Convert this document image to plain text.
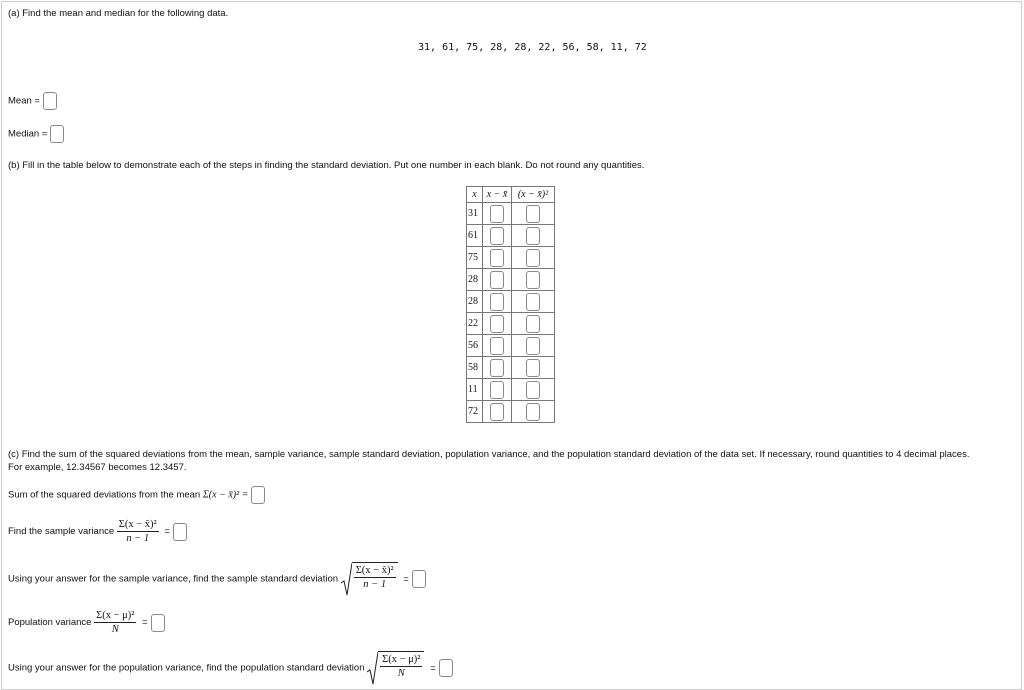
(a) Find the mean and median for the following data.
31, 61, 75, 28, 28, 22, 56, 58, 11, 72
Mean =
Median =
(b) Fill in the table below to demonstrate each of the steps in finding the standard deviation. Put one number in each blank. Do not round any quantities.
x	x − x̄	(x − x̄)²
31		
61		
75		
28		
28		
22		
56		
58		
11		
72		
(c) Find the sum of the squared deviations from the mean, sample variance, sample standard deviation, population variance, and the population standard deviation of the data set. If necessary, round quantities to 4 decimal places.
For example, 12.34567 becomes 12.3457.
Sum of the squared deviations from the mean Σ(x − x̄)² =
Find the sample variance $\frac{\text{Σ(x − x̄)²}}{n - 1}$ =
Using your answer for the sample variance, find the sample standard deviation $\frac{\text{Σ(x − x̄)²}}{n - 1}$ =
Population variance $\frac{\text{Σ(x − μ)²}}{N}$ =
Using your answer for the population variance, find the population standard deviation $\frac{\text{Σ(x − μ)²}}{N}$ =
